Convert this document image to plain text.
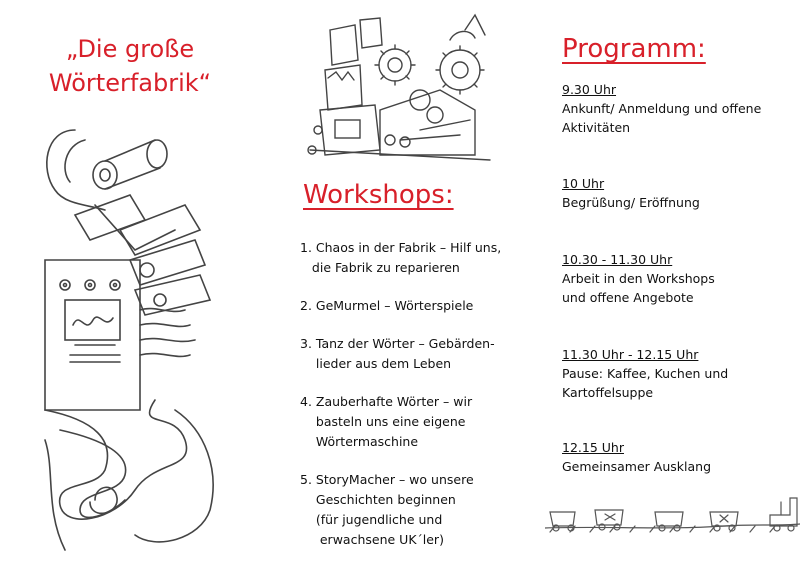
„Die große
Wörterfabrik“
Workshops:
1. Chaos in der Fabrik – Hilf uns,
die Fabrik zu reparieren
2. GeMurmel – Wörterspiele
3. Tanz der Wörter – Gebärden-
lieder aus dem Leben
4. Zauberhafte Wörter – wir
basteln uns eine eigene
Wörtermaschine
5. StoryMacher – wo unsere
Geschichten beginnen
(für jugendliche und
erwachsene UK´ler)
Programm:
9.30 Uhr
Ankunft/ Anmeldung und offene
Aktivitäten
10 Uhr
Begrüßung/ Eröffnung
10.30 - 11.30 Uhr
Arbeit in den Workshops
und offene Angebote
11.30 Uhr - 12.15 Uhr
Pause: Kaffee, Kuchen und
Kartoffelsuppe
12.15 Uhr
Gemeinsamer Ausklang
